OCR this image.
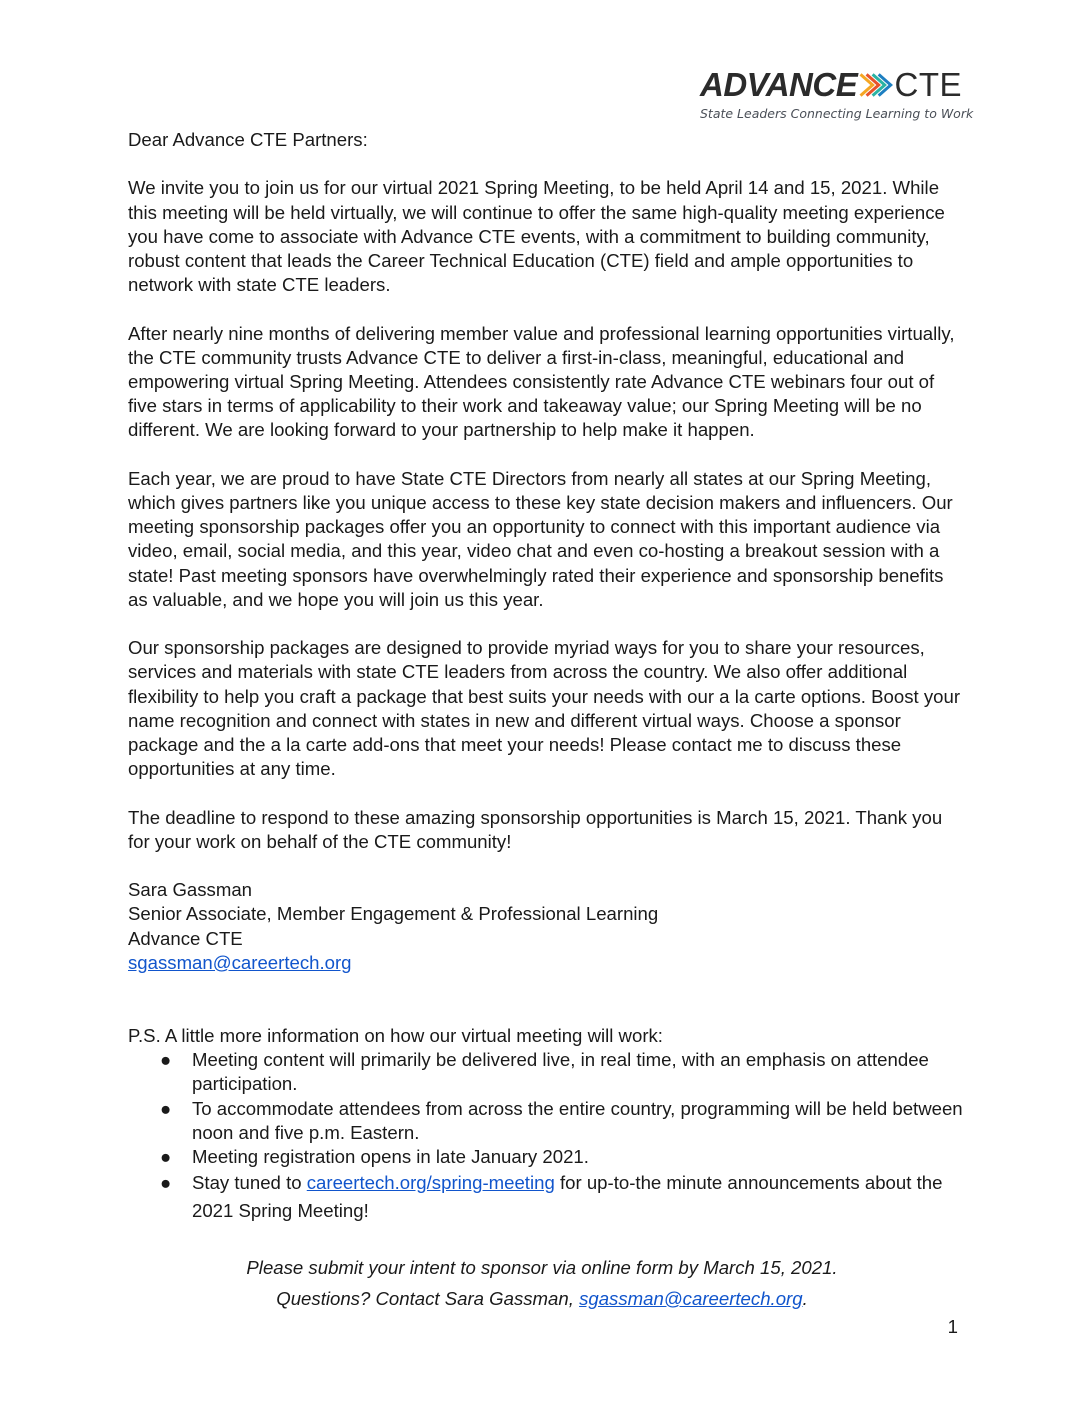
ADVANCE CTE
State Leaders Connecting Learning to Work

Dear Advance CTE Partners:

We invite you to join us for our virtual 2021 Spring Meeting, to be held April 14 and 15, 2021. While this meeting will be held virtually, we will continue to offer the same high-quality meeting experience you have come to associate with Advance CTE events, with a commitment to building community, robust content that leads the Career Technical Education (CTE) field and ample opportunities to network with state CTE leaders.

After nearly nine months of delivering member value and professional learning opportunities virtually, the CTE community trusts Advance CTE to deliver a first-in-class, meaningful, educational and empowering virtual Spring Meeting. Attendees consistently rate Advance CTE webinars four out of five stars in terms of applicability to their work and takeaway value; our Spring Meeting will be no different. We are looking forward to your partnership to help make it happen.

Each year, we are proud to have State CTE Directors from nearly all states at our Spring Meeting, which gives partners like you unique access to these key state decision makers and influencers. Our meeting sponsorship packages offer you an opportunity to connect with this important audience via video, email, social media, and this year, video chat and even co-hosting a breakout session with a state! Past meeting sponsors have overwhelmingly rated their experience and sponsorship benefits as valuable, and we hope you will join us this year.

Our sponsorship packages are designed to provide myriad ways for you to share your resources, services and materials with state CTE leaders from across the country. We also offer additional flexibility to help you craft a package that best suits your needs with our a la carte options. Boost your name recognition and connect with states in new and different virtual ways. Choose a sponsor package and the a la carte add-ons that meet your needs! Please contact me to discuss these opportunities at any time.

The deadline to respond to these amazing sponsorship opportunities is March 15, 2021. Thank you for your work on behalf of the CTE community!

Sara Gassman
Senior Associate, Member Engagement & Professional Learning
Advance CTE
sgassman@careertech.org
P.S. A little more information on how our virtual meeting will work:
● Meeting content will primarily be delivered live, in real time, with an emphasis on attendee participation.
● To accommodate attendees from across the entire country, programming will be held between noon and five p.m. Eastern.
● Meeting registration opens in late January 2021.
● Stay tuned to careertech.org/spring-meeting for up-to-the minute announcements about the 2021 Spring Meeting!
Please submit your intent to sponsor via online form by March 15, 2021.
Questions? Contact Sara Gassman, sgassman@careertech.org.
1
